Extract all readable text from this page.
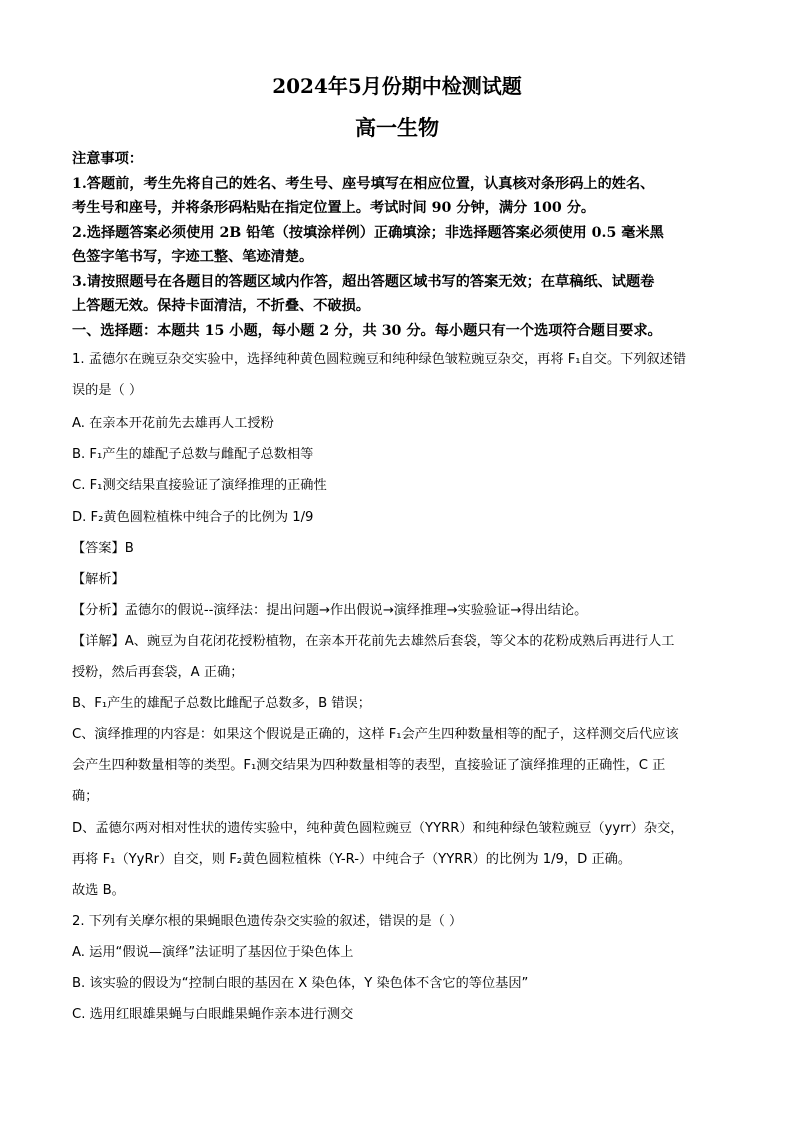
2024年5月份期中检测试题
高一生物
注意事项：
1.答题前，考生先将自己的姓名、考生号、座号填写在相应位置，认真核对条形码上的姓名、
考生号和座号，并将条形码粘贴在指定位置上。考试时间 90 分钟，满分 100 分。
2.选择题答案必须使用 2B 铅笔（按填涂样例）正确填涂；非选择题答案必须使用 0.5 毫米黑
色签字笔书写，字迹工整、笔迹清楚。
3.请按照题号在各题目的答题区域内作答，超出答题区域书写的答案无效；在草稿纸、试题卷
上答题无效。保持卡面清洁，不折叠、不破损。
一、选择题：本题共 15 小题，每小题 2 分，共 30 分。每小题只有一个选项符合题目要求。
1. 孟德尔在豌豆杂交实验中，选择纯种黄色圆粒豌豆和纯种绿色皱粒豌豆杂交，再将 F₁自交。下列叙述错
误的是（ ）
A. 在亲本开花前先去雄再人工授粉
B. F₁产生的雄配子总数与雌配子总数相等
C. F₁测交结果直接验证了演绎推理的正确性
D. F₂黄色圆粒植株中纯合子的比例为 1/9
【答案】B
【解析】
【分析】孟德尔的假说--演绎法：提出问题→作出假说→演绎推理→实验验证→得出结论。
【详解】A、豌豆为自花闭花授粉植物，在亲本开花前先去雄然后套袋，等父本的花粉成熟后再进行人工
授粉，然后再套袋，A 正确；
B、F₁产生的雄配子总数比雌配子总数多，B 错误；
C、演绎推理的内容是：如果这个假说是正确的，这样 F₁会产生四种数量相等的配子，这样测交后代应该
会产生四种数量相等的类型。F₁测交结果为四种数量相等的表型，直接验证了演绎推理的正确性，C 正
确；
D、孟德尔两对相对性状的遗传实验中，纯种黄色圆粒豌豆（YYRR）和纯种绿色皱粒豌豆（yyrr）杂交，
再将 F₁（YyRr）自交，则 F₂黄色圆粒植株（Y-R-）中纯合子（YYRR）的比例为 1/9，D 正确。
故选 B。
2. 下列有关摩尔根的果蝇眼色遗传杂交实验的叙述，错误的是（ ）
A. 运用“假说—演绎”法证明了基因位于染色体上
B. 该实验的假设为“控制白眼的基因在 X 染色体，Y 染色体不含它的等位基因”
C. 选用红眼雄果蝇与白眼雌果蝇作亲本进行测交
